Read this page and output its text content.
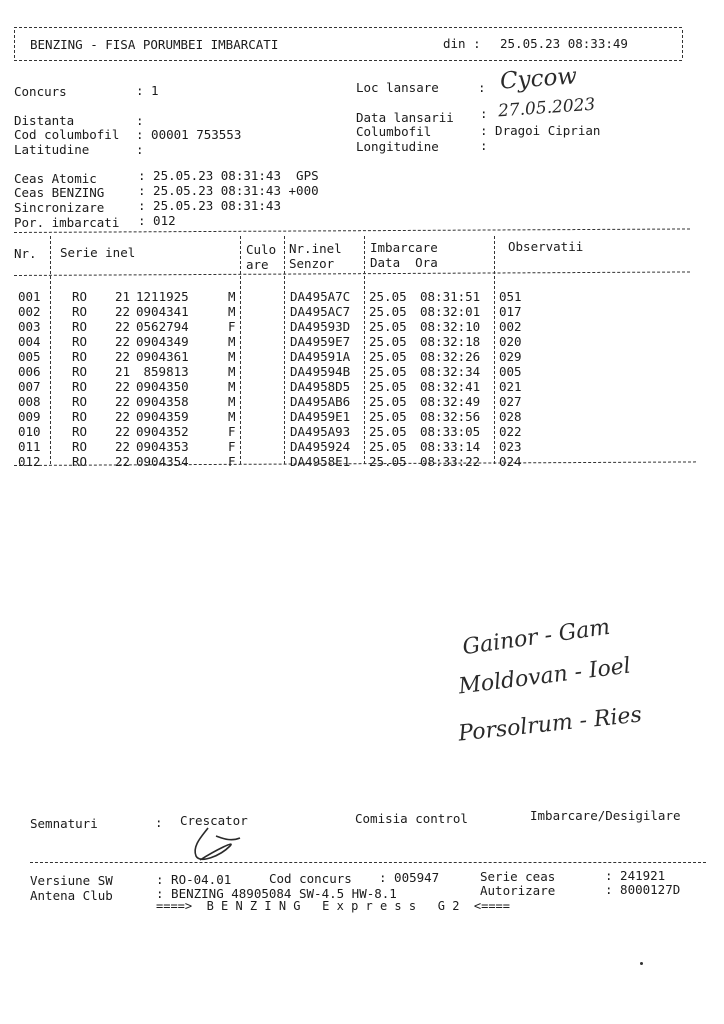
BENZING - FISA PORUMBEI IMBARCATI	din : 25.05.23 08:33:49
Concurs	: 1
Distanta	:
Cod columbofil : 00001 753553
Latitudine	:
Loc lansare	: Cycow
Data lansarii : 27.05.2023
Columbofil	: Dragoi Ciprian
Longitudine	:
Ceas Atomic	: 25.05.23 08:31:43  GPS
Ceas BENZING	: 25.05.23 08:31:43 +000
Sincronizare	: 25.05.23 08:31:43
Por. imbarcati : 012
Nr. Serie inel	Culo
are
Nr.inel
Senzor
Imbarcare
Data  Ora
Observatii
001	RO 21 1211925	M	DA495A7C 25.05 08:31:51 051
002	RO 22 0904341	M	DA495AC7 25.05 08:32:01 017
003	RO 22 0562794	F	DA49593D 25.05 08:32:10 002
004	RO 22 0904349	M	DA4959E7 25.05 08:32:18 020
005	RO 22 0904361	M	DA49591A 25.05 08:32:26 029
006	RO 21 859813	M	DA49594B 25.05 08:32:34 005
007	RO 22 0904350	M	DA4958D5 25.05 08:32:41 021
008	RO 22 0904358	M	DA495AB6 25.05 08:32:49 027
009	RO 22 0904359	M	DA4959E1 25.05 08:32:56 028
010	RO 22 0904352	F	DA495A93 25.05 08:33:05 022
011	RO 22 0904353	F	DA495924 25.05 08:33:14 023
012	RO 22 0904354	F	DA4958E1 25.05 08:33:22 024
Gainor - Gam
Moldovan - Ioel
Porsolrum - Ries
Semnaturi	: Crescator	Comisia control	Imbarcare/Desigilare
Versiune SW	: RO-04.01	Cod concurs : 005947	Serie ceas	: 241921
Antena Club	: BENZING 48905084 SW-4.5 HW-8.1	Autorizare	: 8000127D
====>  B E N Z I N G   E x p r e s s   G 2  <====
